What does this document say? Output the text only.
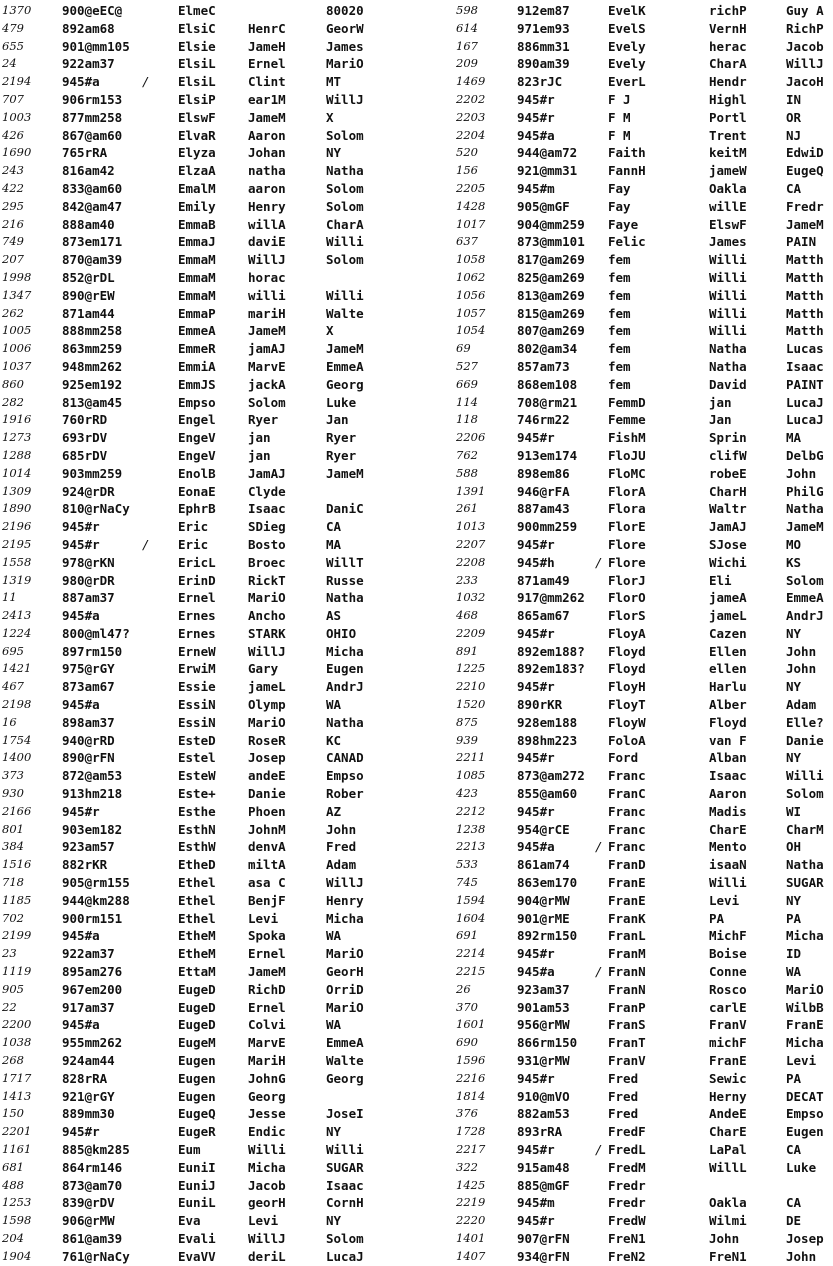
1370	900@eEC@	ElmeC	80020
479	892am68	ElsiC	HenrC	GeorW
655	901@mm105	Elsie	JameH	James
24	922am37	ElsiL	Ernel	MariO
2194	945#a	/ ElsiL	Clint	MT
707	906rm153	ElsiP	ear1M	WillJ
1003	877mm258	ElswF	JameM	X
426	867@am60	ElvaR	Aaron	Solom
1690	765rRA	Elyza	Johan	NY
243	816am42	ElzaA	natha	Natha
422	833@am60	EmalM	aaron	Solom
295	842@am47	Emily	Henry	Solom
216	888am40	EmmaB	willA	CharA
749	873em171	EmmaJ	daviE	Willi
207	870@am39	EmmaM	WillJ	Solom
1998	852@rDL	EmmaM	horac
1347	890@rEW	EmmaM	willi	Willi
262	871am44	EmmaP	mariH	Walte
1005	888mm258	EmmeA	JameM	X
1006	863mm259	EmmeR	jamAJ	JameM
1037	948mm262	EmmiA	MarvE	EmmeA
860	925em192	EmmJS	jackA	Georg
282	813@am45	Empso	Solom	Luke
1916	760rRD	Engel	Ryer	Jan
1273	693rDV	EngeV	jan	Ryer
1288	685rDV	EngeV	jan	Ryer
1014	903mm259	EnolB	JamAJ	JameM
1309	924@rDR	EonaE	Clyde
1890	810@rNaCy	EphrB	Isaac	DaniC
2196	945#r	Eric	SDieg	CA
2195	945#r	/ Eric	Bosto	MA
1558	978@rKN	EricL	Broec	WillT
1319	980@rDR	ErinD	RickT	Russe
11	887am37	Ernel	MariO	Natha
2413	945#a	Ernes	Ancho	AS
1224	800@ml47?	Ernes	STARK	OHIO
695	897rm150	ErneW	WillJ	Micha
1421	975@rGY	ErwiM	Gary	Eugen
467	873am67	Essie	jameL	AndrJ
2198	945#a	EssiN	Olymp	WA
16	898am37	EssiN	MariO	Natha
1754	940@rRD	EsteD	RoseR	KC
1400	890@rFN	Estel	Josep	CANAD
373	872@am53	EsteW	andeE	Empso
930	913hm218	Este+	Danie	Rober
2166	945#r	Esthe	Phoen	AZ
801	903em182	EsthN	JohnM	John
384	923am57	EsthW	denvA	Fred
1516	882rKR	EtheD	miltA	Adam
718	905@rm155	Ethel	asa C	WillJ
1185	944@km288	Ethel	BenjF	Henry
702	900rm151	Ethel	Levi	Micha
2199	945#a	EtheM	Spoka	WA
23	922am37	EtheM	Ernel	MariO
1119	895am276	EttaM	JameM	GeorH
905	967em200	EugeD	RichD	OrriD
22	917am37	EugeD	Ernel	MariO
2200	945#a	EugeD	Colvi	WA
1038	955mm262	EugeM	MarvE	EmmeA
268	924am44	Eugen	MariH	Walte
1717	828rRA	Eugen	JohnG	Georg
1413	921@rGY	Eugen	Georg
150	889mm30	EugeQ	Jesse	JoseI
2201	945#r	EugeR	Endic	NY
1161	885@km285	Eum	Willi	Willi
681	864rm146	EuniI	Micha	SUGAR
488	873@am70	EuniJ	Jacob	Isaac
1253	839@rDV	EuniL	georH	CornH
1598	906@rMW	Eva	Levi	NY
204	861@am39	Evali	WillJ	Solom
1904	761@rNaCy	EvaVV	deriL	LucaJ
598	912em87	EvelK	richP	Guy A
614	971em93	EvelS	VernH	RichP
167	886mm31	Evely	herac	Jacob
209	890am39	Evely	CharA	WillJ
1469	823rJC	EverL	Hendr	JacoH
2202	945#r	F J	Highl	IN
2203	945#r	F M	Portl	OR
2204	945#a	F M	Trent	NJ
520	944@am72 Faith	keitM	EdwiD
156	921@mm31 FannH	jameW	EugeQ
2205	945#m	Fay	Oakla	CA
1428	905@mGF	Fay	willE	Fredr
1017	904@mm259 Faye	ElswF	JameM
637	873@mm101 Felic	James	PAIN
1058	817@am269 fem	Willi	Matth
1062	825@am269 fem	Willi	Matth
1056	813@am269 fem	Willi	Matth
1057	815@am269 fem	Willi	Matth
1054	807@am269 fem	Willi	Matth
69	802@am34 fem	Natha	Lucas
527	857am73	fem	Natha	Isaac
669	868em108 fem	David	PAINT
114	708@rm21 FemmD	jan	LucaJ
118	746rm22	Femme	Jan	LucaJ
2206	945#r	FishM	Sprin	MA
762	913em174 FloJU	clifW	DelbG
588	898em86	FloMC	robeE	John
1391	946@rFA	FlorA	CharH	PhilG
261	887am43	Flora	Waltr	Natha
1013	900mm259 FlorE	JamAJ	JameM
2207	945#r	Flore	SJose	MO
2208	945#h	/ Flore	Wichi	KS
233	871am49	FlorJ	Eli	Solom
1032	917@mm262 FlorO	jameA	EmmeA
468	865am67	FlorS	jameL	AndrJ
2209	945#r	FloyA	Cazen	NY
891	892em188? Floyd	Ellen	John
1225	892em183? Floyd	ellen	John
2210	945#r	FloyH	Harlu	NY
1520	890rKR	FloyT	Alber	Adam
875	928em188 FloyW	Floyd	Elle?
939	898hm223 FoloA	van F	Danie
2211	945#r	Ford	Alban	NY
1085	873@am272 Franc	Isaac	Willi
423	855@am60 FranC	Aaron	Solom
2212	945#r	Franc	Madis	WI
1238	954@rCE	Franc	CharE	CharM
2213	945#a	/ Franc	Mento	OH
533	861am74	FranD	isaaN	Natha
745	863em170 FranE	Willi	SUGAR
1594	904@rMW	FranE	Levi	NY
1604	901@rME	FranK	PA	PA
691	892rm150 FranL	MichF	Micha
2214	945#r	FranM	Boise	ID
2215	945#a	/ FranN	Conne	WA
26	923am37	FranN	Rosco	MariO
370	901am53	FranP	carlE	WilbB
1601	956@rMW	FranS	FranV	FranE
690	866rm150 FranT	michF	Micha
1596	931@rMW	FranV	FranE	Levi
2216	945#r	Fred	Sewic	PA
1814	910@mVO	Fred	Herny	DECAT
376	882am53	Fred	AndeE	Empso
1728	893rRA	FredF	CharE	Eugen
2217	945#r	/ FredL	LaPal	CA
322	915am48	FredM	WillL	Luke
1425	885@mGF	Fredr
2219	945#m	Fredr	Oakla	CA
2220	945#r	FredW	Wilmi	DE
1401	907@rFN	FreN1	John	Josep
1407	934@rFN	FreN2	FreN1	John
